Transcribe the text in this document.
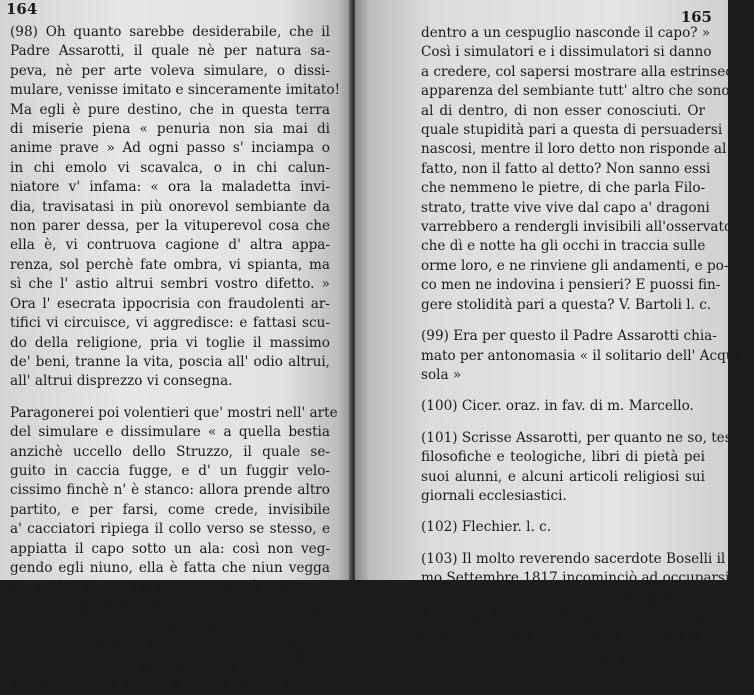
164
(98) Oh quanto sarebbe desiderabile, che il
Padre Assarotti, il quale nè per natura sa-
peva, nè per arte voleva simulare, o dissi-
mulare, venisse imitato e sinceramente imitato!
Ma egli è pure destino, che in questa terra
di miserie piena « penuria non sia mai di
anime prave » Ad ogni passo s' inciampa o
in chi emolo vi scavalca, o in chi calun-
niatore v' infama: « ora la maladetta invi-
dia, travisatasi in più onorevol sembiante da
non parer dessa, per la vituperevol cosa che
ella è, vi contruova cagione d' altra appa-
renza, sol perchè fate ombra, vi spianta, ma
sì che l' astio altrui sembri vostro difetto. »
Ora l' esecrata ippocrisia con fraudolenti ar-
tifici vi circuisce, vi aggredisce: e fattasi scu-
do della religione, pria vi toglie il massimo
de' beni, tranne la vita, poscia all' odio altrui,
all' altrui disprezzo vi consegna.
Paragonerei poi volentieri que' mostri nell' arte
del simulare e dissimulare « a quella bestia
anzichè uccello dello Struzzo, il quale se-
guito in caccia fugge, e d' un fuggir velo-
cissimo finchè n' è stanco: allora prende altro
partito, e per farsi, come crede, invisibile
a' cacciatori ripiega il collo verso se stesso, e
appiatta il capo sotto un ala: così non veg-
gendo egli niuno, ella è fatta che niun vegga
lui; così il poeta. Lo storico poi, più verisimil-
mente ci ha detto, che nasconde il collo per
entro le frondi, avvisandosi mattamente di
non esser veduto. « Puossi fingere stolidità pari
a questa? Un così gran pezzo di bestia imma-
ginarsi nascosa dentro a un cespuglio, perchè
165
dentro a un cespuglio nasconde il capo? »
Così i simulatori e i dissimulatori si danno
a credere, col sapersi mostrare alla estrinseca
apparenza del sembiante tutt' altro che sono
al di dentro, di non esser conosciuti. Or
quale stupidità pari a questa di persuadersi
nascosi, mentre il loro detto non risponde al
fatto, non il fatto al detto? Non sanno essi
che nemmeno le pietre, di che parla Filo-
strato, tratte vive vive dal capo a' dragoni
varrebbero a rendergli invisibili all'osservatore,
che dì e notte ha gli occhi in traccia sulle
orme loro, e ne rinviene gli andamenti, e po-
co men ne indovina i pensieri? E puossi fin-
gere stolidità pari a questa? V. Bartoli l. c.
(99) Era per questo il Padre Assarotti chia-
mato per antonomasia « il solitario dell' Acqua
sola »
(100) Cicer. oraz. in fav. di m. Marcello.
(101) Scrisse Assarotti, per quanto ne so, tesi
filosofiche e teologiche, libri di pietà pei
suoi alunni, e alcuni articoli religiosi sui
giornali ecclesiastici.
(102) Flechier. l. c.
(103) Il molto reverendo sacerdote Boselli il pri-
mo Settembre 1817 incominciò ad occuparsi
dell' istruzione de' sordo-muti sotto il Padre
Assarotti. Sin da quell'epoca egli ha sempre
coabitato col ligure istitutore, vantaggio in-
calcolabile per l' istituto, sia per ciò che spetta
